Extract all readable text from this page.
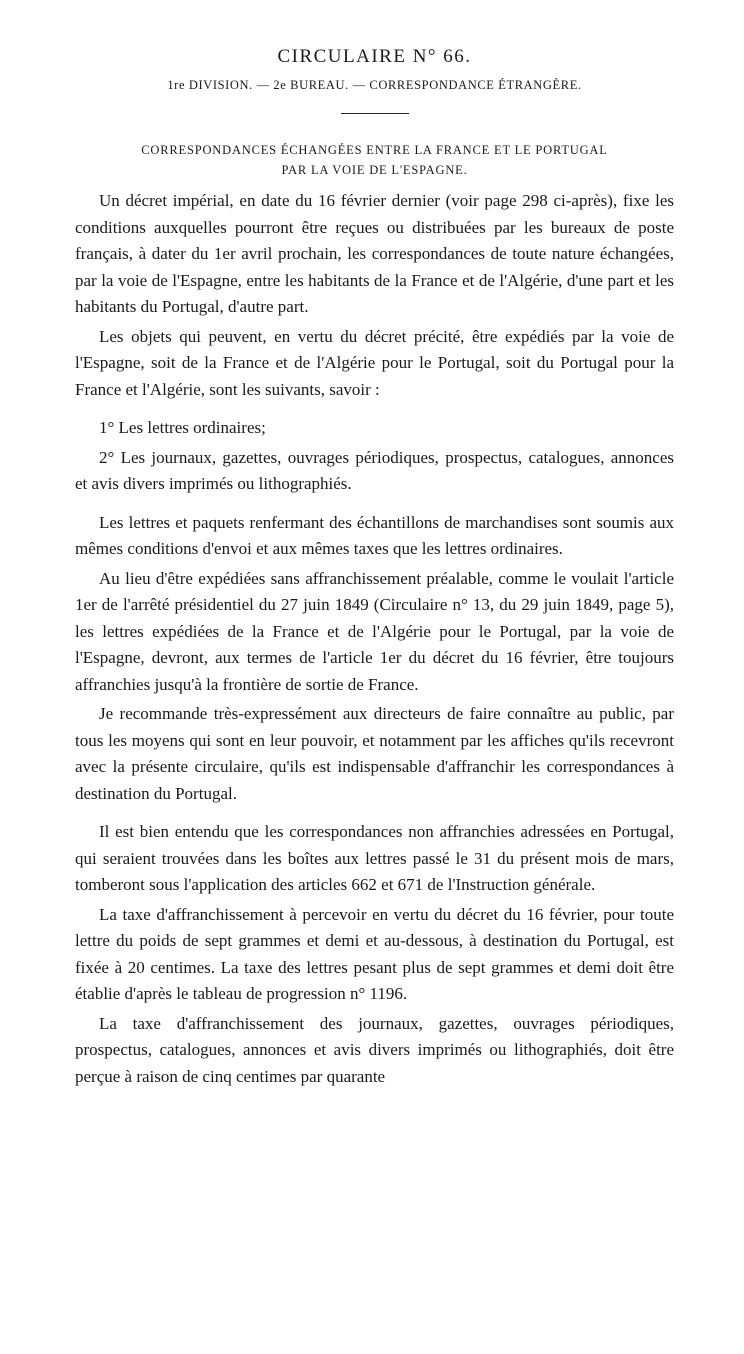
CIRCULAIRE N° 66.
1re DIVISION. — 2e BUREAU. — CORRESPONDANCE ÉTRANGÈRE.
CORRESPONDANCES ÉCHANGÉES ENTRE LA FRANCE ET LE PORTUGAL
PAR LA VOIE DE L'ESPAGNE.

Un décret impérial, en date du 16 février dernier (voir page 298 ci-après), fixe les conditions auxquelles pourront être reçues ou distribuées par les bureaux de poste français, à dater du 1er avril prochain, les correspondances de toute nature échangées, par la voie de l'Espagne, entre les habitants de la France et de l'Algérie, d'une part et les habitants du Portugal, d'autre part.

Les objets qui peuvent, en vertu du décret précité, être expédiés par la voie de l'Espagne, soit de la France et de l'Algérie pour le Portugal, soit du Portugal pour la France et l'Algérie, sont les suivants, savoir :

1° Les lettres ordinaires;

2° Les journaux, gazettes, ouvrages périodiques, prospectus, catalogues, annonces et avis divers imprimés ou lithographiés.

Les lettres et paquets renfermant des échantillons de marchandises sont soumis aux mêmes conditions d'envoi et aux mêmes taxes que les lettres ordinaires.

Au lieu d'être expédiées sans affranchissement préalable, comme le voulait l'article 1er de l'arrêté présidentiel du 27 juin 1849 (Circulaire n° 13, du 29 juin 1849, page 5), les lettres expédiées de la France et de l'Algérie pour le Portugal, par la voie de l'Espagne, devront, aux termes de l'article 1er du décret du 16 février, être toujours affranchies jusqu'à la frontière de sortie de France.

Je recommande très-expressément aux directeurs de faire connaître au public, par tous les moyens qui sont en leur pouvoir, et notamment par les affiches qu'ils recevront avec la présente circulaire, qu'ils est indispensable d'affranchir les correspondances à destination du Portugal.

Il est bien entendu que les correspondances non affranchies adressées en Portugal, qui seraient trouvées dans les boîtes aux lettres passé le 31 du présent mois de mars, tomberont sous l'application des articles 662 et 671 de l'Instruction générale.

La taxe d'affranchissement à percevoir en vertu du décret du 16 février, pour toute lettre du poids de sept grammes et demi et au-dessous, à destination du Portugal, est fixée à 20 centimes. La taxe des lettres pesant plus de sept grammes et demi doit être établie d'après le tableau de progression n° 1196.

La taxe d'affranchissement des journaux, gazettes, ouvrages périodiques, prospectus, catalogues, annonces et avis divers imprimés ou lithographiés, doit être perçue à raison de cinq centimes par quarante
